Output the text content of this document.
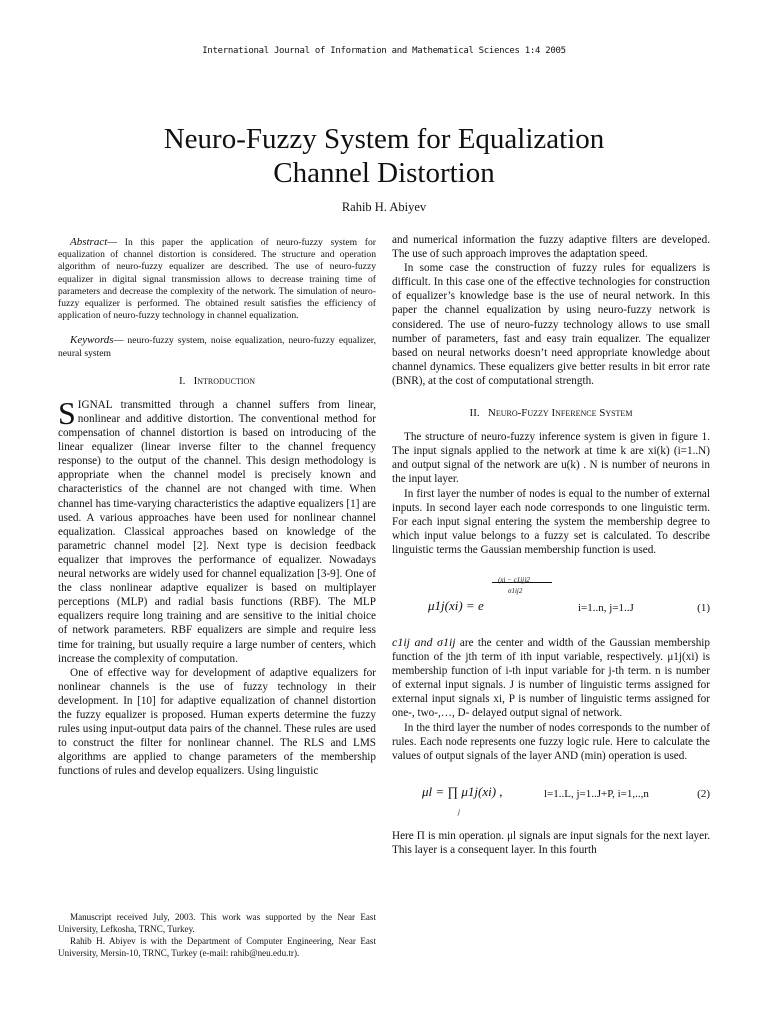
International Journal of Information and Mathematical Sciences 1:4 2005
Neuro-Fuzzy System for Equalization
Channel Distortion
Rahib H. Abiyev

Abstract— In this paper the application of neuro-fuzzy system for equalization of channel distortion is considered. The structure and operation algorithm of neuro-fuzzy equalizer are described. The use of neuro-fuzzy equalizer in digital signal transmission allows to decrease training time of parameters and decrease the complexity of the network. The simulation of neuro-fuzzy equalizer is performed. The obtained result satisfies the efficiency of application of neuro-fuzzy technology in channel equalization.

Keywords— neuro-fuzzy system, noise equalization, neuro-fuzzy equalizer, neural system

I. Introduction

SIGNAL transmitted through a channel suffers from linear, nonlinear and additive distortion. The conventional method for compensation of channel distortion is based on introducing of the linear equalizer (linear inverse filter to the channel frequency response) to the output of the channel. This design methodology is appropriate when the channel model is precisely known and characteristics of the channel are not changed with time. When channel has time-varying characteristics the adaptive equalizers [1] are used. A various approaches have been used for nonlinear channel equalization. Classical approaches based on knowledge of the parametric channel model [2]. Next type is decision feedback equalizer that improves the performance of equalizer. Nowadays neural networks are widely used for channel equalization [3-9]. One of the class nonlinear adaptive equalizer is based on multiplayer perceptions (MLP) and radial basis functions (RBF). The MLP equalizers require long training and are sensitive to the initial choice of network parameters. RBF equalizers are simple and require less time for training, but usually require a large number of centers, which increase the complexity of computation.

One of effective way for development of adaptive equalizers for nonlinear channels is the use of fuzzy technology in their development. In [10] for adaptive equalization of channel distortion the fuzzy equalizer is proposed. Human experts determine the fuzzy rules using input-output data pairs of the channel. These rules are used to construct the filter for nonlinear channel. The RLS and LMS algorithms are applied to change parameters of the membership functions of rules and develop equalizers. Using linguistic

Manuscript received July, 2003. This work was supported by the Near East University, Lefkosha, TRNC, Turkey.

Rahib H. Abiyev is with the Department of Computer Engineering, Near East University, Mersin-10, TRNC, Turkey (e-mail: rahib@neu.edu.tr).

and numerical information the fuzzy adaptive filters are developed. The use of such approach improves the adaptation speed.

In some case the construction of fuzzy rules for equalizers is difficult. In this case one of the effective technologies for construction of equalizer’s knowledge base is the use of neural network. In this paper the channel equalization by using neuro-fuzzy network is considered. The use of neuro-fuzzy technology allows to use small number of parameters, fast and easy train equalizer. The equalizer based on neural networks doesn’t need appropriate knowledge about channel dynamics. These equalizers give better results in bit error rate (BNR), at the cost of computational strength.

II. Neuro-Fuzzy Inference System

The structure of neuro-fuzzy inference system is given in figure 1. The input signals applied to the network at time k are xi(k) (i=1..N) and output signal of the network are u(k) . N is number of neurons in the input layer.

In first layer the number of nodes is equal to the number of external inputs. In second layer each node corresponds to one linguistic term. For each input signal entering the system the membership degree to which input value belongs to a fuzzy set is calculated. To describe linguistic terms the Gaussian membership function is used.

(xi − c1ij)2
σ1ij2
μ1j(xi) = e	i=1..n, j=1..J	(1)

c1ij and σ1ij are the center and width of the Gaussian membership function of the jth term of ith input variable, respectively. μ1j(xi) is membership function of i-th input variable for j-th term. n is number of external input signals. J is number of linguistic terms assigned for external input signals xi, P is number of linguistic terms assigned for one-, two-,…, D- delayed output signal of network.

In the third layer the number of nodes corresponds to the number of rules. Each node represents one fuzzy logic rule. Here to calculate the values of output signals of the layer AND (min) operation is used.

μl = ∏ μ1j(xi) ,
j
l=1..L, j=1..J+P, i=1,..,n	(2)

Here Π is min operation. μl signals are input signals for the next layer. This layer is a consequent layer. In this fourth
